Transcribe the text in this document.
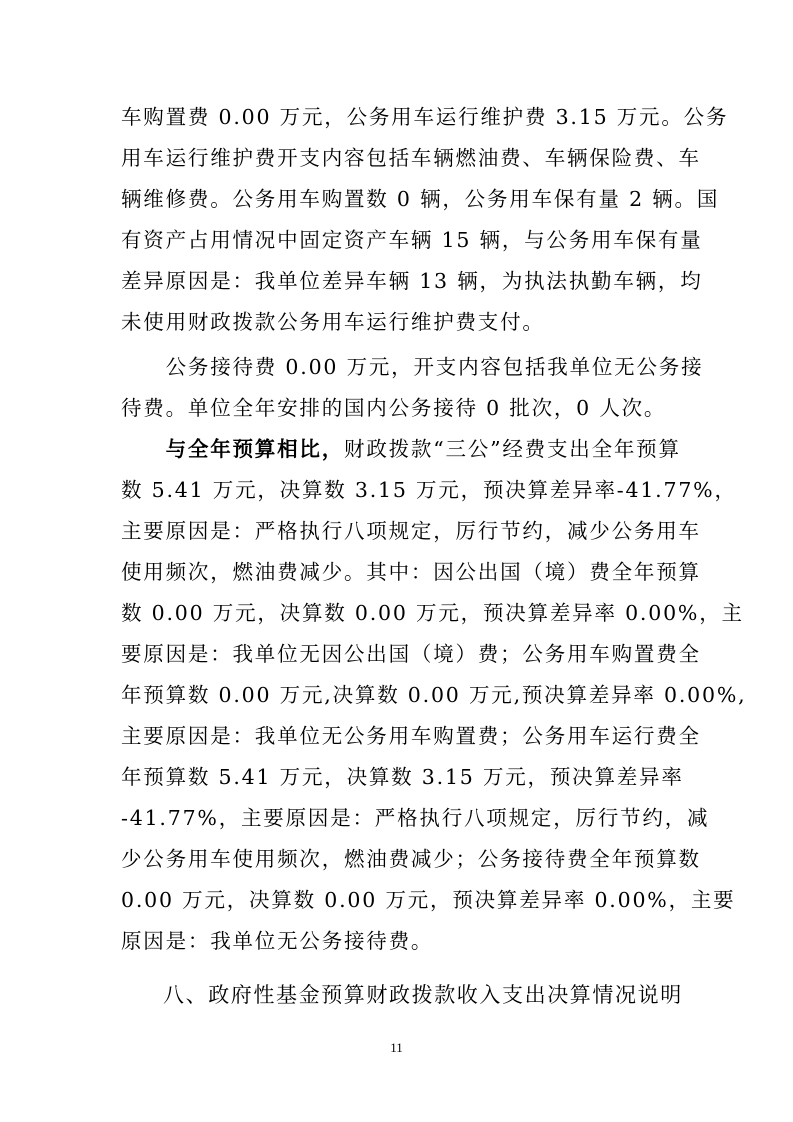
车购置费 0.00 万元，公务用车运行维护费 3.15 万元。公务
用车运行维护费开支内容包括车辆燃油费、车辆保险费、车
辆维修费。公务用车购置数 0 辆，公务用车保有量 2 辆。国
有资产占用情况中固定资产车辆 15 辆，与公务用车保有量
差异原因是：我单位差异车辆 13 辆，为执法执勤车辆，均
未使用财政拨款公务用车运行维护费支付。
　　公务接待费 0.00 万元，开支内容包括我单位无公务接
待费。单位全年安排的国内公务接待 0 批次，0 人次。
　　与全年预算相比，财政拨款“三公”经费支出全年预算
数 5.41 万元，决算数 3.15 万元，预决算差异率-41.77%，
主要原因是：严格执行八项规定，厉行节约，减少公务用车
使用频次，燃油费减少。其中：因公出国（境）费全年预算
数 0.00 万元，决算数 0.00 万元，预决算差异率 0.00%，主
要原因是：我单位无因公出国（境）费；公务用车购置费全
年预算数 0.00 万元,决算数 0.00 万元,预决算差异率 0.00%,
主要原因是：我单位无公务用车购置费；公务用车运行费全
年预算数 5.41 万元，决算数 3.15 万元，预决算差异率
-41.77%，主要原因是：严格执行八项规定，厉行节约，减
少公务用车使用频次，燃油费减少；公务接待费全年预算数
0.00 万元，决算数 0.00 万元，预决算差异率 0.00%，主要
原因是：我单位无公务接待费。
八、政府性基金预算财政拨款收入支出决算情况说明
11
